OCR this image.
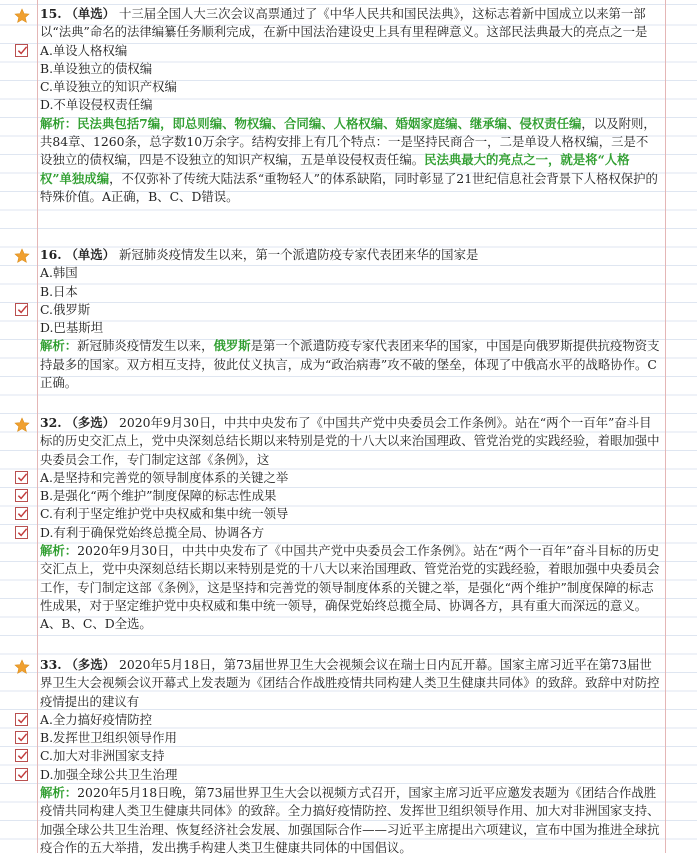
15. （单选） 十三届全国人大三次会议高票通过了《中华人民共和国民法典》，这标志着新中国成立以来第一部以“法典”命名的法律编纂任务顺利完成，在新中国法治建设史上具有里程碑意义。这部民法典最大的亮点之一是
A.单设人格权编
B.单设独立的债权编
C.单设独立的知识产权编
D.不单设侵权责任编
解析：民法典包括7编，即总则编、物权编、合同编、人格权编、婚姻家庭编、继承编、侵权责任编，以及附则，共84章、1260条，总字数10万余字。结构安排上有几个特点：一是坚持民商合一，二是单设人格权编，三是不设独立的债权编，四是不设独立的知识产权编，五是单设侵权责任编。民法典最大的亮点之一，就是将“人格权”单独成编，不仅弥补了传统大陆法系“重物轻人”的体系缺陷，同时彰显了21世纪信息社会背景下人格权保护的特殊价值。A正确，B、C、D错误。
16. （单选） 新冠肺炎疫情发生以来，第一个派遣防疫专家代表团来华的国家是
A.韩国
B.日本
C.俄罗斯
D.巴基斯坦
解析：新冠肺炎疫情发生以来，俄罗斯是第一个派遣防疫专家代表团来华的国家，中国是向俄罗斯提供抗疫物资支持最多的国家。双方相互支持，彼此仗义执言，成为“政治病毒”攻不破的堡垒，体现了中俄高水平的战略协作。C正确。
32. （多选） 2020年9月30日，中共中央发布了《中国共产党中央委员会工作条例》。站在“两个一百年”奋斗目标的历史交汇点上，党中央深刻总结长期以来特别是党的十八大以来治国理政、管党治党的实践经验，着眼加强中央委员会工作，专门制定这部《条例》，这
A.是坚持和完善党的领导制度体系的关键之举
B.是强化“两个维护”制度保障的标志性成果
C.有利于坚定维护党中央权威和集中统一领导
D.有利于确保党始终总揽全局、协调各方
解析：2020年9月30日，中共中央发布了《中国共产党中央委员会工作条例》。站在“两个一百年”奋斗目标的历史交汇点上，党中央深刻总结长期以来特别是党的十八大以来治国理政、管党治党的实践经验，着眼加强中央委员会工作，专门制定这部《条例》，这是坚持和完善党的领导制度体系的关键之举，是强化“两个维护”制度保障的标志性成果，对于坚定维护党中央权威和集中统一领导，确保党始终总揽全局、协调各方，具有重大而深远的意义。A、B、C、D全选。
33. （多选） 2020年5月18日，第73届世界卫生大会视频会议在瑞士日内瓦开幕。国家主席习近平在第73届世界卫生大会视频会议开幕式上发表题为《团结合作战胜疫情共同构建人类卫生健康共同体》的致辞。致辞中对防控疫情提出的建议有
A.全力搞好疫情防控
B.发挥世卫组织领导作用
C.加大对非洲国家支持
D.加强全球公共卫生治理
解析：2020年5月18日晚，第73届世界卫生大会以视频方式召开，国家主席习近平应邀发表题为《团结合作战胜疫情共同构建人类卫生健康共同体》的致辞。全力搞好疫情防控、发挥世卫组织领导作用、加大对非洲国家支持、加强全球公共卫生治理、恢复经济社会发展、加强国际合作——习近平主席提出六项建议，宣布中国为推进全球抗疫合作的五大举措，发出携手构建人类卫生健康共同体的中国倡议。
